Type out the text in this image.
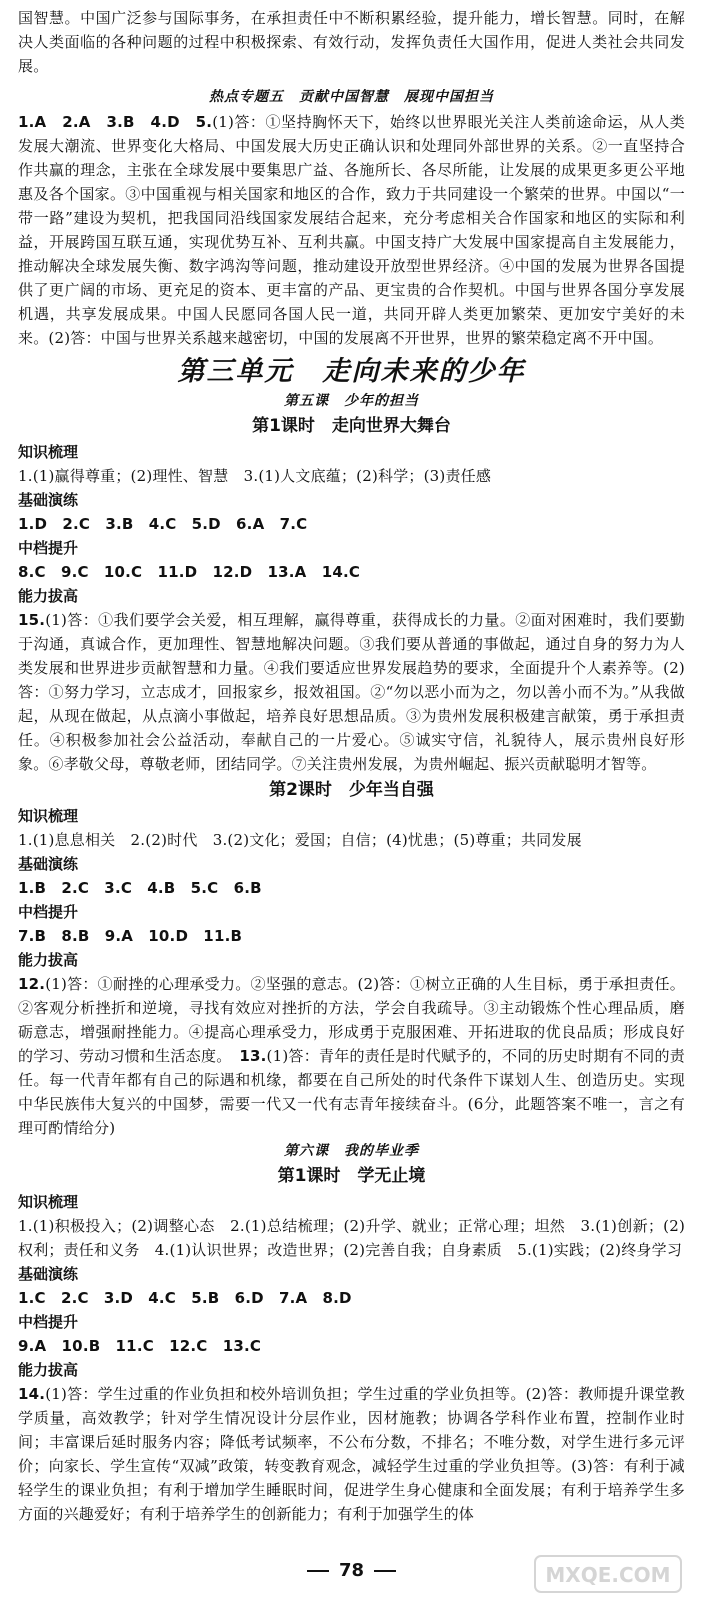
国智慧。中国广泛参与国际事务，在承担责任中不断积累经验，提升能力，增长智慧。同时，在解决人类面临的各种问题的过程中积极探索、有效行动，发挥负责任大国作用，促进人类社会共同发展。

热点专题五　贡献中国智慧　展现中国担当

1.A　2.A　3.B　4.D　5.(1)答：①坚持胸怀天下，始终以世界眼光关注人类前途命运，从人类发展大潮流、世界变化大格局、中国发展大历史正确认识和处理同外部世界的关系。②一直坚持合作共赢的理念，主张在全球发展中要集思广益、各施所长、各尽所能，让发展的成果更多更公平地惠及各个国家。③中国重视与相关国家和地区的合作，致力于共同建设一个繁荣的世界。中国以“一带一路”建设为契机，把我国同沿线国家发展结合起来，充分考虑相关合作国家和地区的实际和利益，开展跨国互联互通，实现优势互补、互利共赢。中国支持广大发展中国家提高自主发展能力，推动解决全球发展失衡、数字鸿沟等问题，推动建设开放型世界经济。④中国的发展为世界各国提供了更广阔的市场、更充足的资本、更丰富的产品、更宝贵的合作契机。中国与世界各国分享发展机遇，共享发展成果。中国人民愿同各国人民一道，共同开辟人类更加繁荣、更加安宁美好的未来。(2)答：中国与世界关系越来越密切，中国的发展离不开世界，世界的繁荣稳定离不开中国。

第三单元　走向未来的少年
第五课　少年的担当
第1课时　走向世界大舞台
知识梳理

1.(1)赢得尊重；(2)理性、智慧　3.(1)人文底蕴；(2)科学；(3)责任感

基础演练

1.D　2.C　3.B　4.C　5.D　6.A　7.C

中档提升

8.C　9.C　10.C　11.D　12.D　13.A　14.C

能力拔高

15.(1)答：①我们要学会关爱，相互理解，赢得尊重，获得成长的力量。②面对困难时，我们要勤于沟通，真诚合作，更加理性、智慧地解决问题。③我们要从普通的事做起，通过自身的努力为人类发展和世界进步贡献智慧和力量。④我们要适应世界发展趋势的要求，全面提升个人素养等。(2)答：①努力学习，立志成才，回报家乡，报效祖国。②“勿以恶小而为之，勿以善小而不为。”从我做起，从现在做起，从点滴小事做起，培养良好思想品质。③为贵州发展积极建言献策，勇于承担责任。④积极参加社会公益活动，奉献自己的一片爱心。⑤诚实守信，礼貌待人，展示贵州良好形象。⑥孝敬父母，尊敬老师，团结同学。⑦关注贵州发展，为贵州崛起、振兴贡献聪明才智等。

第2课时　少年当自强
知识梳理

1.(1)息息相关　2.(2)时代　3.(2)文化；爱国；自信；(4)忧患；(5)尊重；共同发展

基础演练

1.B　2.C　3.C　4.B　5.C　6.B

中档提升

7.B　8.B　9.A　10.D　11.B

能力拔高

12.(1)答：①耐挫的心理承受力。②坚强的意志。(2)答：①树立正确的人生目标，勇于承担责任。②客观分析挫折和逆境，寻找有效应对挫折的方法，学会自我疏导。③主动锻炼个性心理品质，磨砺意志，增强耐挫能力。④提高心理承受力，形成勇于克服困难、开拓进取的优良品质；形成良好的学习、劳动习惯和生活态度。　 13.(1)答：青年的责任是时代赋予的，不同的历史时期有不同的责任。每一代青年都有自己的际遇和机缘，都要在自己所处的时代条件下谋划人生、创造历史。实现中华民族伟大复兴的中国梦，需要一代又一代有志青年接续奋斗。(6分，此题答案不唯一，言之有理可酌情给分)

第六课　我的毕业季
第1课时　学无止境
知识梳理

1.(1)积极投入；(2)调整心态　2.(1)总结梳理；(2)升学、就业；正常心理；坦然　3.(1)创新；(2)权利；责任和义务　4.(1)认识世界；改造世界；(2)完善自我；自身素质　5.(1)实践；(2)终身学习

基础演练

1.C　2.C　3.D　4.C　5.B　6.D　7.A　8.D

中档提升

9.A　10.B　11.C　12.C　13.C

能力拔高

14.(1)答：学生过重的作业负担和校外培训负担；学生过重的学业负担等。(2)答：教师提升课堂教学质量，高效教学；针对学生情况设计分层作业，因材施教；协调各学科作业布置，控制作业时间；丰富课后延时服务内容；降低考试频率，不公布分数，不排名；不唯分数，对学生进行多元评价；向家长、学生宣传“双减”政策，转变教育观念，减轻学生过重的学业负担等。(3)答：有利于减轻学生的课业负担；有利于增加学生睡眠时间，促进学生身心健康和全面发展；有利于培养学生多方面的兴趣爱好；有利于培养学生的创新能力；有利于加强学生的体

78	MXQE.COM
